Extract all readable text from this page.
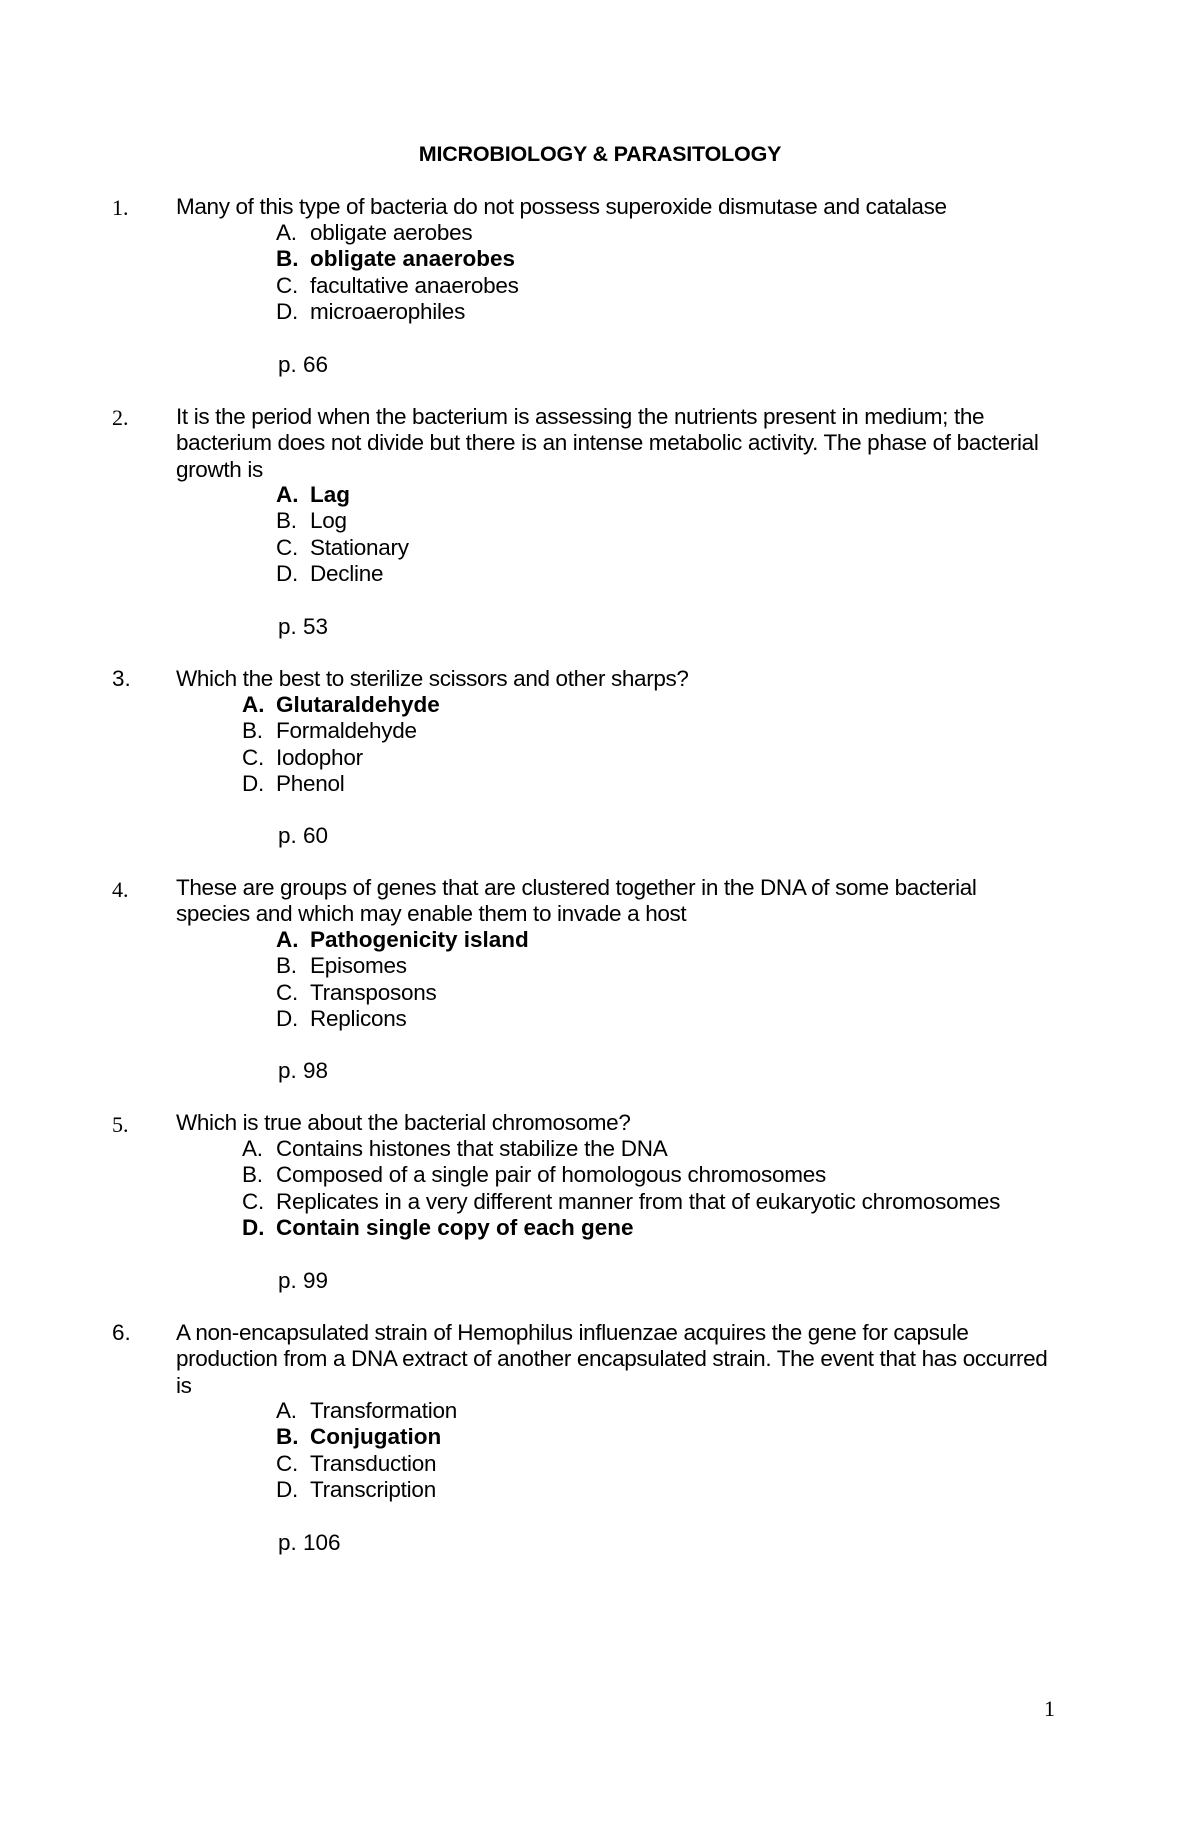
MICROBIOLOGY & PARASITOLOGY
1.	Many of this type of bacteria do not possess superoxide dismutase and catalase
A. obligate aerobes
B. obligate anaerobes
C. facultative anaerobes
D. microaerophiles
p. 66
2.	It is the period when the bacterium is assessing the nutrients present in medium; the bacterium does not divide but there is an intense metabolic activity. The phase of bacterial growth is
A. Lag
B. Log
C. Stationary
D. Decline
p. 53
3.	Which the best to sterilize scissors and other sharps?
A. Glutaraldehyde
B. Formaldehyde
C. Iodophor
D. Phenol
p. 60
4.	These are groups of genes that are clustered together in the DNA of some bacterial species and which may enable them to invade a host
A. Pathogenicity island
B. Episomes
C. Transposons
D. Replicons
p. 98
5.	Which is true about the bacterial chromosome?
A. Contains histones that stabilize the DNA
B. Composed of a single pair of homologous chromosomes
C. Replicates in a very different manner from that of eukaryotic chromosomes
D. Contain single copy of each gene
p. 99
6.	A non-encapsulated strain of Hemophilus influenzae acquires the gene for capsule production from a DNA extract of another encapsulated strain. The event that has occurred is
A. Transformation
B. Conjugation
C. Transduction
D. Transcription
p. 106
1
